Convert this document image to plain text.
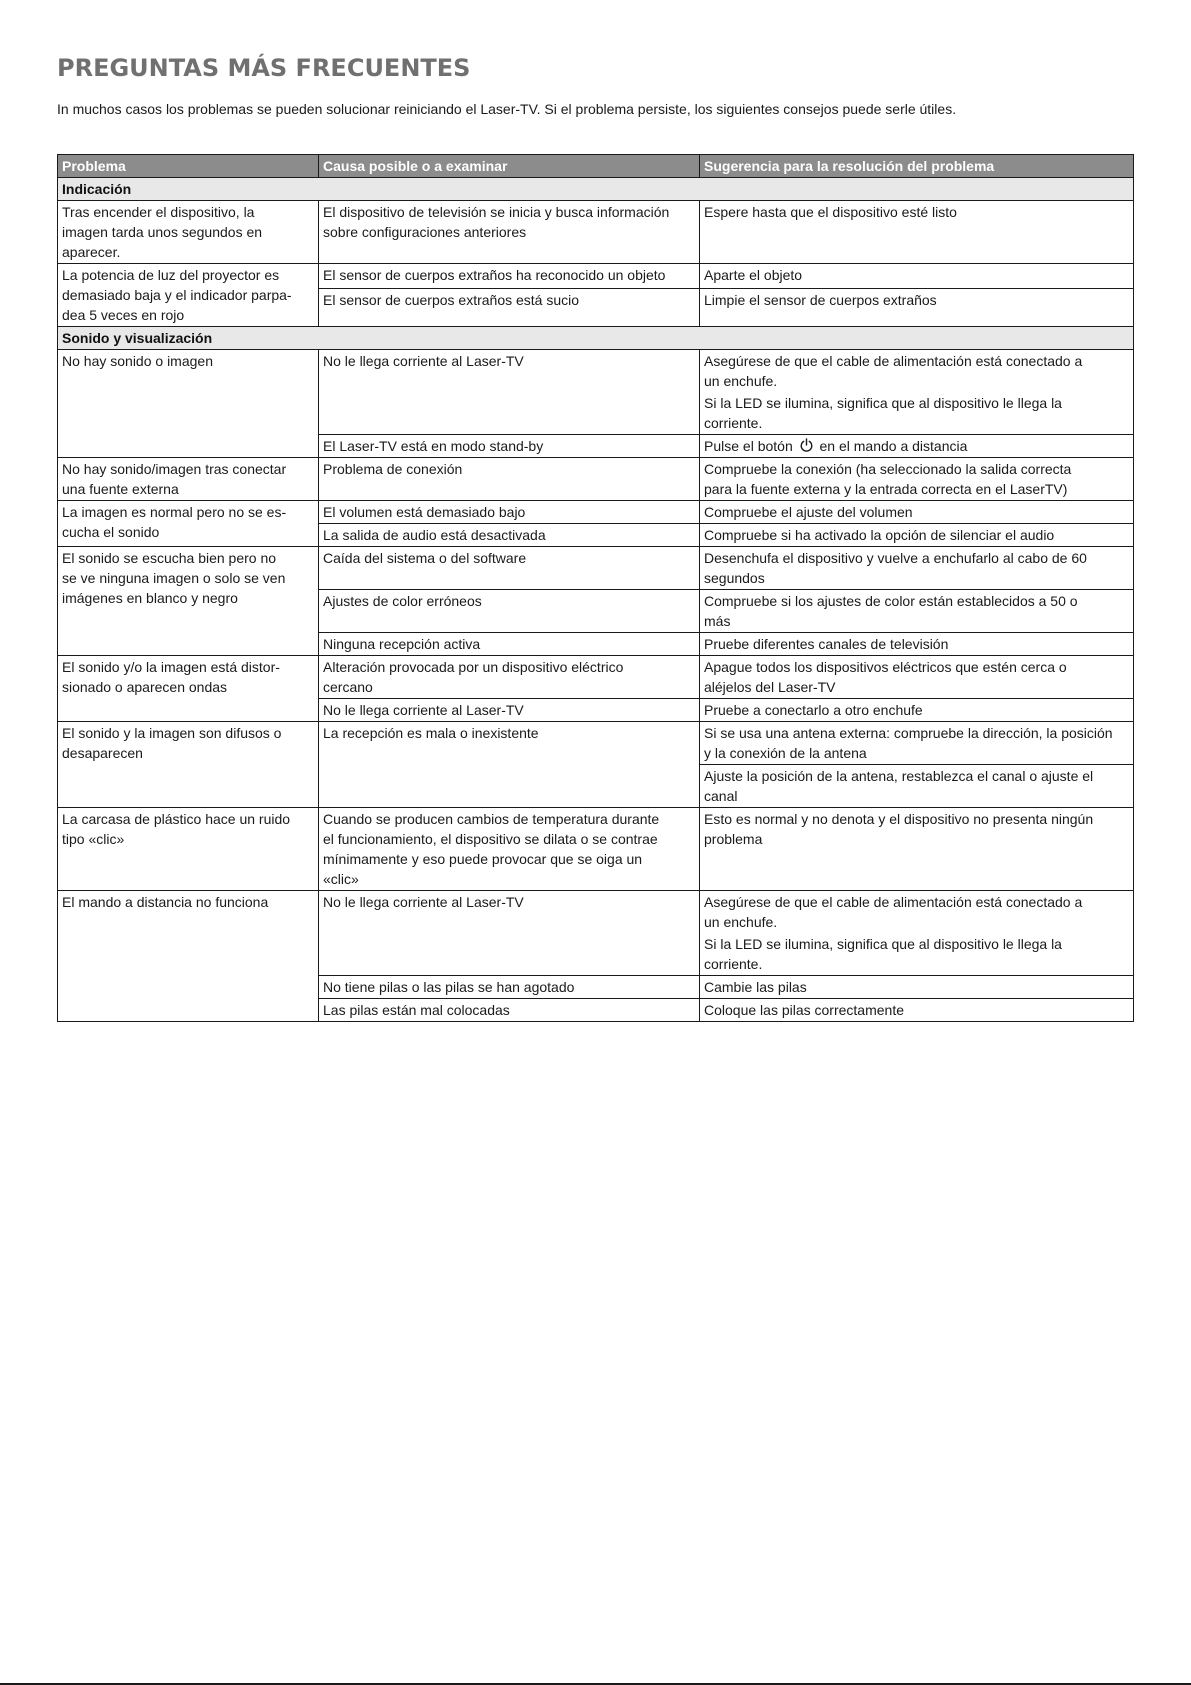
PREGUNTAS MÁS FRECUENTES

In muchos casos los problemas se pueden solucionar reiniciando el Laser-TV. Si el problema persiste, los siguientes consejos puede serle útiles.

Problema	Causa posible o a examinar	Sugerencia para la resolución del problema
Indicación		

Tras encender el dispositivo, la
imagen tarda unos segundos en
aparecer.	El dispositivo de televisión se inicia y busca información
sobre configuraciones anteriores	Espere hasta que el dispositivo esté listo

La potencia de luz del proyector es
demasiado baja y el indicador parpa-
dea 5 veces en rojo	El sensor de cuerpos extraños ha reconocido un objeto	Aparte el objeto

	El sensor de cuerpos extraños está sucio	Limpie el sensor de cuerpos extraños

Sonido y visualización		

No hay sonido o imagen	No le llega corriente al Laser-TV	Asegúrese de que el cable de alimentación está conectado a
un enchufe.
Si la LED se ilumina, significa que al dispositivo le llega la
corriente.

	El Laser-TV está en modo stand-by	Pulse el botón en el mando a distancia

No hay sonido/imagen tras conectar
una fuente externa	Problema de conexión	Compruebe la conexión (ha seleccionado la salida correcta
para la fuente externa y la entrada correcta en el LaserTV)

La imagen es normal pero no se es-
cucha el sonido	El volumen está demasiado bajo	Compruebe el ajuste del volumen

	La salida de audio está desactivada	Compruebe si ha activado la opción de silenciar el audio

El sonido se escucha bien pero no
se ve ninguna imagen o solo se ven
imágenes en blanco y negro	Caída del sistema o del software	Desenchufa el dispositivo y vuelve a enchufarlo al cabo de 60
segundos

	Ajustes de color erróneos	Compruebe si los ajustes de color están establecidos a 50 o
más

	Ninguna recepción activa	Pruebe diferentes canales de televisión

El sonido y/o la imagen está distor-
sionado o aparecen ondas	Alteración provocada por un dispositivo eléctrico
cercano	Apague todos los dispositivos eléctricos que estén cerca o
aléjelos del Laser-TV

	No le llega corriente al Laser-TV	Pruebe a conectarlo a otro enchufe

El sonido y la imagen son difusos o
desaparecen	La recepción es mala o inexistente	Si se usa una antena externa: compruebe la dirección, la posición
y la conexión de la antena

		Ajuste la posición de la antena, restablezca el canal o ajuste el
canal

La carcasa de plástico hace un ruido
tipo «clic»	Cuando se producen cambios de temperatura durante
el funcionamiento, el dispositivo se dilata o se contrae
mínimamente y eso puede provocar que se oiga un
«clic»	Esto es normal y no denota y el dispositivo no presenta ningún
problema

El mando a distancia no funciona	No le llega corriente al Laser-TV	Asegúrese de que el cable de alimentación está conectado a
un enchufe.
Si la LED se ilumina, significa que al dispositivo le llega la
corriente.

	No tiene pilas o las pilas se han agotado	Cambie las pilas

	Las pilas están mal colocadas	Coloque las pilas correctamente
